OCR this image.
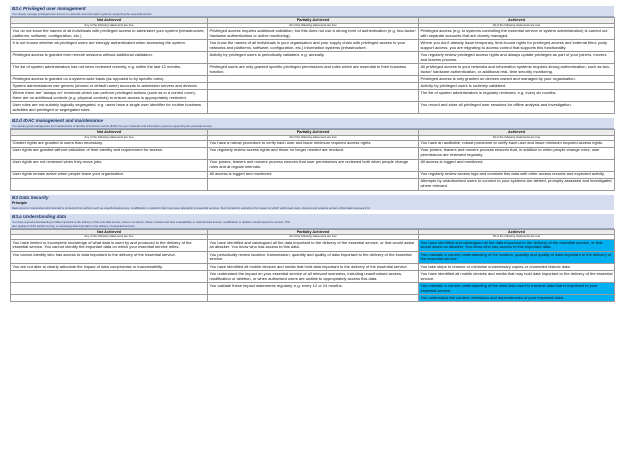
B2.c Privileged user management
You closely manage privileged user access to networks and information systems supporting the essential service.
Not Achieved	Partially Achieved	Achieved
Any of the following statements are true	All of the following statements are true	All of the following statements are true
You do not know the names of all individuals with privileged access to administer your system (infrastructure, platforms, software, configuration, etc.)	Privileged access requires additional validation, but this does not use a strong form of authentication (e.g. two-factor/ hardware authentication or active monitoring).	Privileged access (e.g. to systems controlling the essential service or system administration) is carried out with separate accounts that are closely managed.
It is not known whether all privileged users are strongly authenticated when accessing the system.	You know the names of all individuals in your organisation and your supply chain with privileged access to your networks and platforms, software, configuration, etc.) information systems (infrastructure.	Where you don't already issue temporary, time-bound rights for privileged access and external third- party support access, you are migrating to access control that supports this functionality.
Privileged access is granted from remote sessions without additional validation.	Activity by privileged users is periodically validated, e.g. annually.	You regularly review privileged access rights and always update privileges as part of your joiners, movers and leavers process.
The list of system administrators has not been reviewed recently, e.g. within the last 12 months.	Privileged users are only granted specific privileged permissions and roles which are essential to their business function.	All privileged access to your networks and information systems requires strong authentication, such as two-factor/ hardware authentication, or additional real- time security monitoring.
Privileged access is granted on a system-wide basis (as opposed to by specific roles).		Privileged access is only granted on devices owned and managed by your organisation.
System administrators use generic (shared or default name) accounts to administer servers and devices.		Activity by privileged users is routinely validated.
Where there are "always on" terminals which can perform privileged actions (such as in a control room), there are no additional controls (e.g. physical controls) to ensure access is appropriately restricted.		The list of system administrators is regularly reviewed, e.g. every six months.
User roles are not suitably logically segregated, e.g. users have a single user identifier for routine business activities and privileged or segregated roles.		You record and store all privileged user sessions for offline analysis and investigation.
B2.d IDAC management and maintenance
You assure good management and maintenance of identity and access control (IDAC) for your networks and information systems supporting the essential service.
Not Achieved	Partially Achieved	Achieved
Any of the following statements are true	All of the following statements are true	All of the following statements are true
Greater rights are granted to users than necessary.	You have a robust procedure to verify each user and issue minimum required access rights.	You have an auditable, robust procedure to verify each user and issue minimum required access rights.
User rights are granted without validation of their identity and requirement for access.	You regularly review access rights and those no longer needed are revoked.	Your joiners, leavers and movers process ensures that, in addition to when people change roles, user permissions are reviewed regularly.
User rights are not reviewed when they move jobs.	Your joiners, leavers and movers process ensures that user permissions are reviewed both when people change roles and at regular intervals.	All access is logged and monitored.
User rights remain active when people leave your organisation.	All access is logged and monitored.	You regularly review access logs and correlate this data with other access records and expected activity.
		Attempts by unauthorised users to connect to your systems are alerted, promptly assessed and investigated where relevant.
B3 Data Security
Principle
Data stored or transmitted electronically is protected from actions such as unauthorised access, modification, or deletion that may cause disruption to essential services. Such protection extends to the means by which authorised users, devices and systems access critical data necessary for
B3.a Understanding data
You have a good understanding of data important to the delivery of the essential service, where it is stored, where it travels and how unavailability or unauthorised access, modification or deletion would impact the service. This
also applies to third parties storing, or accessing data important to the delivery of essential services.
Not Achieved	Partially Achieved	Achieved
Any of the following statements are true	All of the following statements are true	All of the following statements are true
You have limited or incomplete knowledge of what data is used by and produced in the delivery of the essential service. You cannot identify the important data on which your essential service relies.	You have identified and catalogued all the data important to the delivery of the essential service, or that would assist an attacker. You know who has access to this data.	You have identified and catalogued all the data important to the delivery of the essential service, or that would assist an attacker. You know who has access to this important data.
You cannot identify who has access to data important to the delivery of the essential service.	You periodically review location, transmission, quantity and quality of data important to the delivery of the essential service.	You maintain a current understanding of the location, quantity and quality of data important to the delivery of the essential service.
You are not able to clearly articulate the impact of data compromise or inaccessibility.	You have identified all mobile devices and media that hold data important to the delivery of the essential service.	You take steps to remove or minimise unnecessary copies or unneeded historic data.
	You understand the impact on your essential service of all relevant scenarios, including unauthorised access, modification or deletion, or when authorised users are unable to appropriately access this data.	You have identified all mobile devices and media that may hold data important to the delivery of the essential service.
	You validate these impact statements regularly, e.g. every 12 or 24 months.	You maintain a current understanding of the data links used to transmit data that is important to your essential service.
		You understand the context, limitations and dependencies of your important data.
